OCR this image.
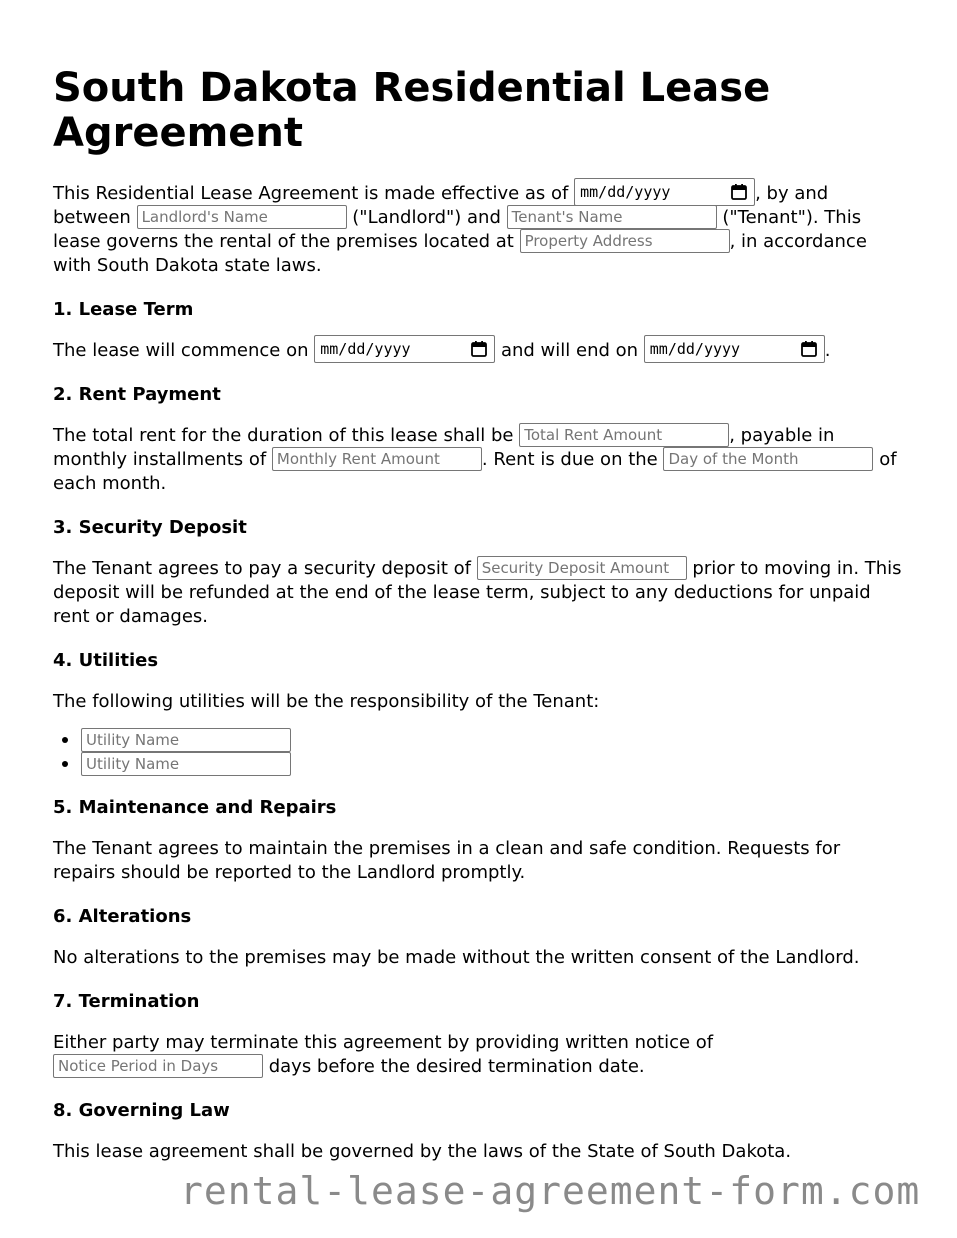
South Dakota Residential Lease Agreement

This Residential Lease Agreement is made effective as of mm/dd/yyyy	, by and between Landlord's Name	("Landlord") and Tenant's Name	("Tenant"). This lease governs the rental of the premises located at Property Address	, in accordance with South Dakota state laws.

1. Lease Term

The lease will commence on mm/dd/yyyy	and will end on mm/dd/yyyy	.

2. Rent Payment

The total rent for the duration of this lease shall be Total Rent Amount	, payable in monthly installments of Monthly Rent Amount . Rent is due on the Day of the Month	of each month.

3. Security Deposit

The Tenant agrees to pay a security deposit of Security Deposit Amount prior to moving in. This deposit will be refunded at the end of the lease term, subject to any deductions for unpaid rent or damages.

4. Utilities

The following utilities will be the responsibility of the Tenant:

Utility Name
Utility Name
5. Maintenance and Repairs

The Tenant agrees to maintain the premises in a clean and safe condition. Requests for repairs should be reported to the Landlord promptly.

6. Alterations

No alterations to the premises may be made without the written consent of the Landlord.

7. Termination

Either party may terminate this agreement by providing written notice of Notice Period in Days days before the desired termination date.

8. Governing Law

This lease agreement shall be governed by the laws of the State of South Dakota.

rental-lease-agreement-form.com
